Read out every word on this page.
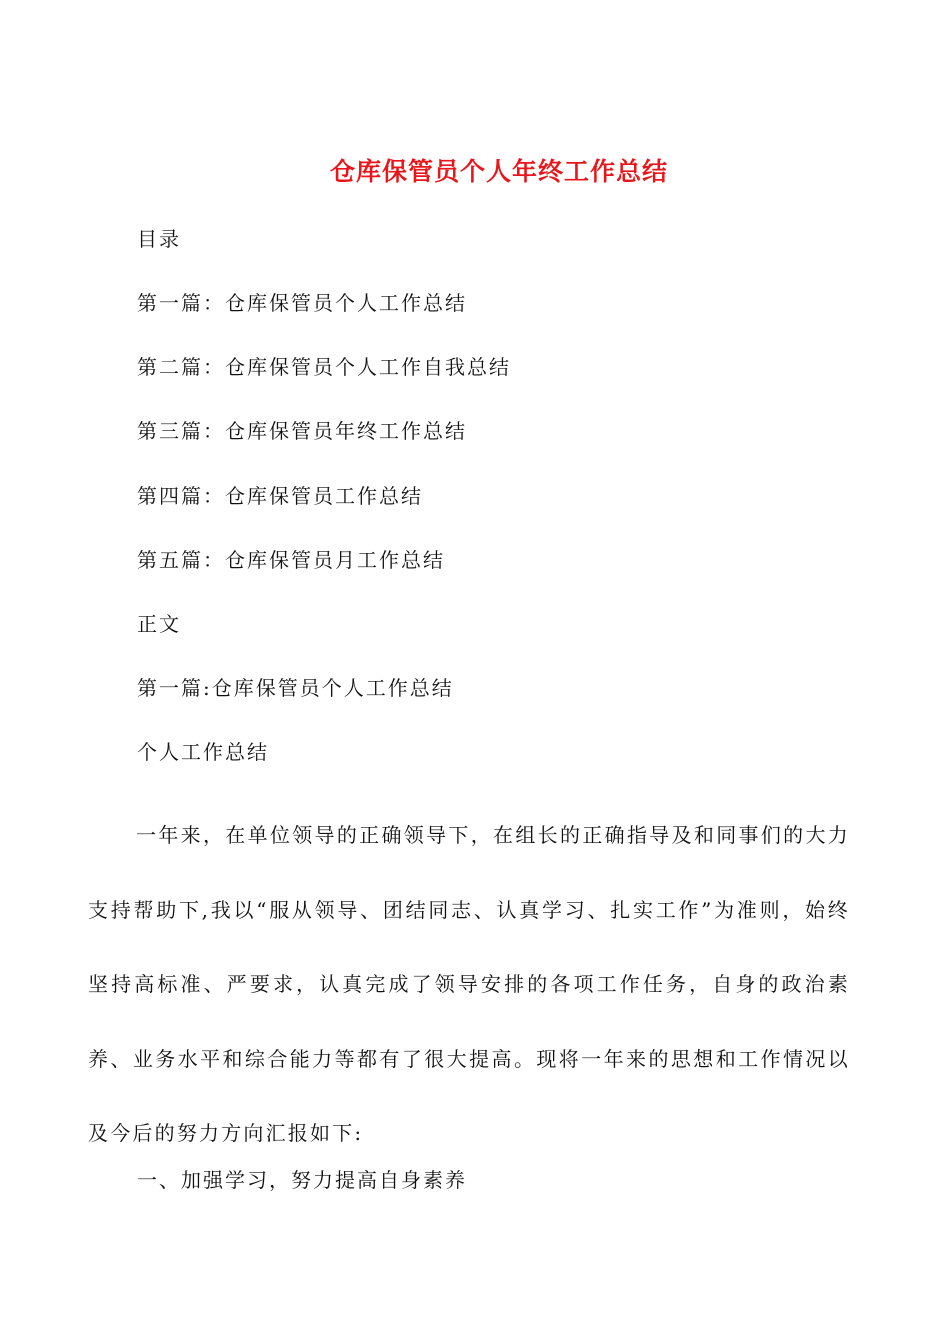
仓库保管员个人年终工作总结
目录
第一篇：仓库保管员个人工作总结
第二篇：仓库保管员个人工作自我总结
第三篇：仓库保管员年终工作总结
第四篇：仓库保管员工作总结
第五篇：仓库保管员月工作总结
正文
第一篇:仓库保管员个人工作总结
个人工作总结

一年来，在单位领导的正确领导下，在组长的正确指导及和同事们的大力支持帮助下,我以“服从领导、团结同志、认真学习、扎实工作”为准则，始终坚持高标准、严要求，认真完成了领导安排的各项工作任务，自身的政治素养、业务水平和综合能力等都有了很大提高。现将一年来的思想和工作情况以及今后的努力方向汇报如下:

一、加强学习，努力提高自身素养
